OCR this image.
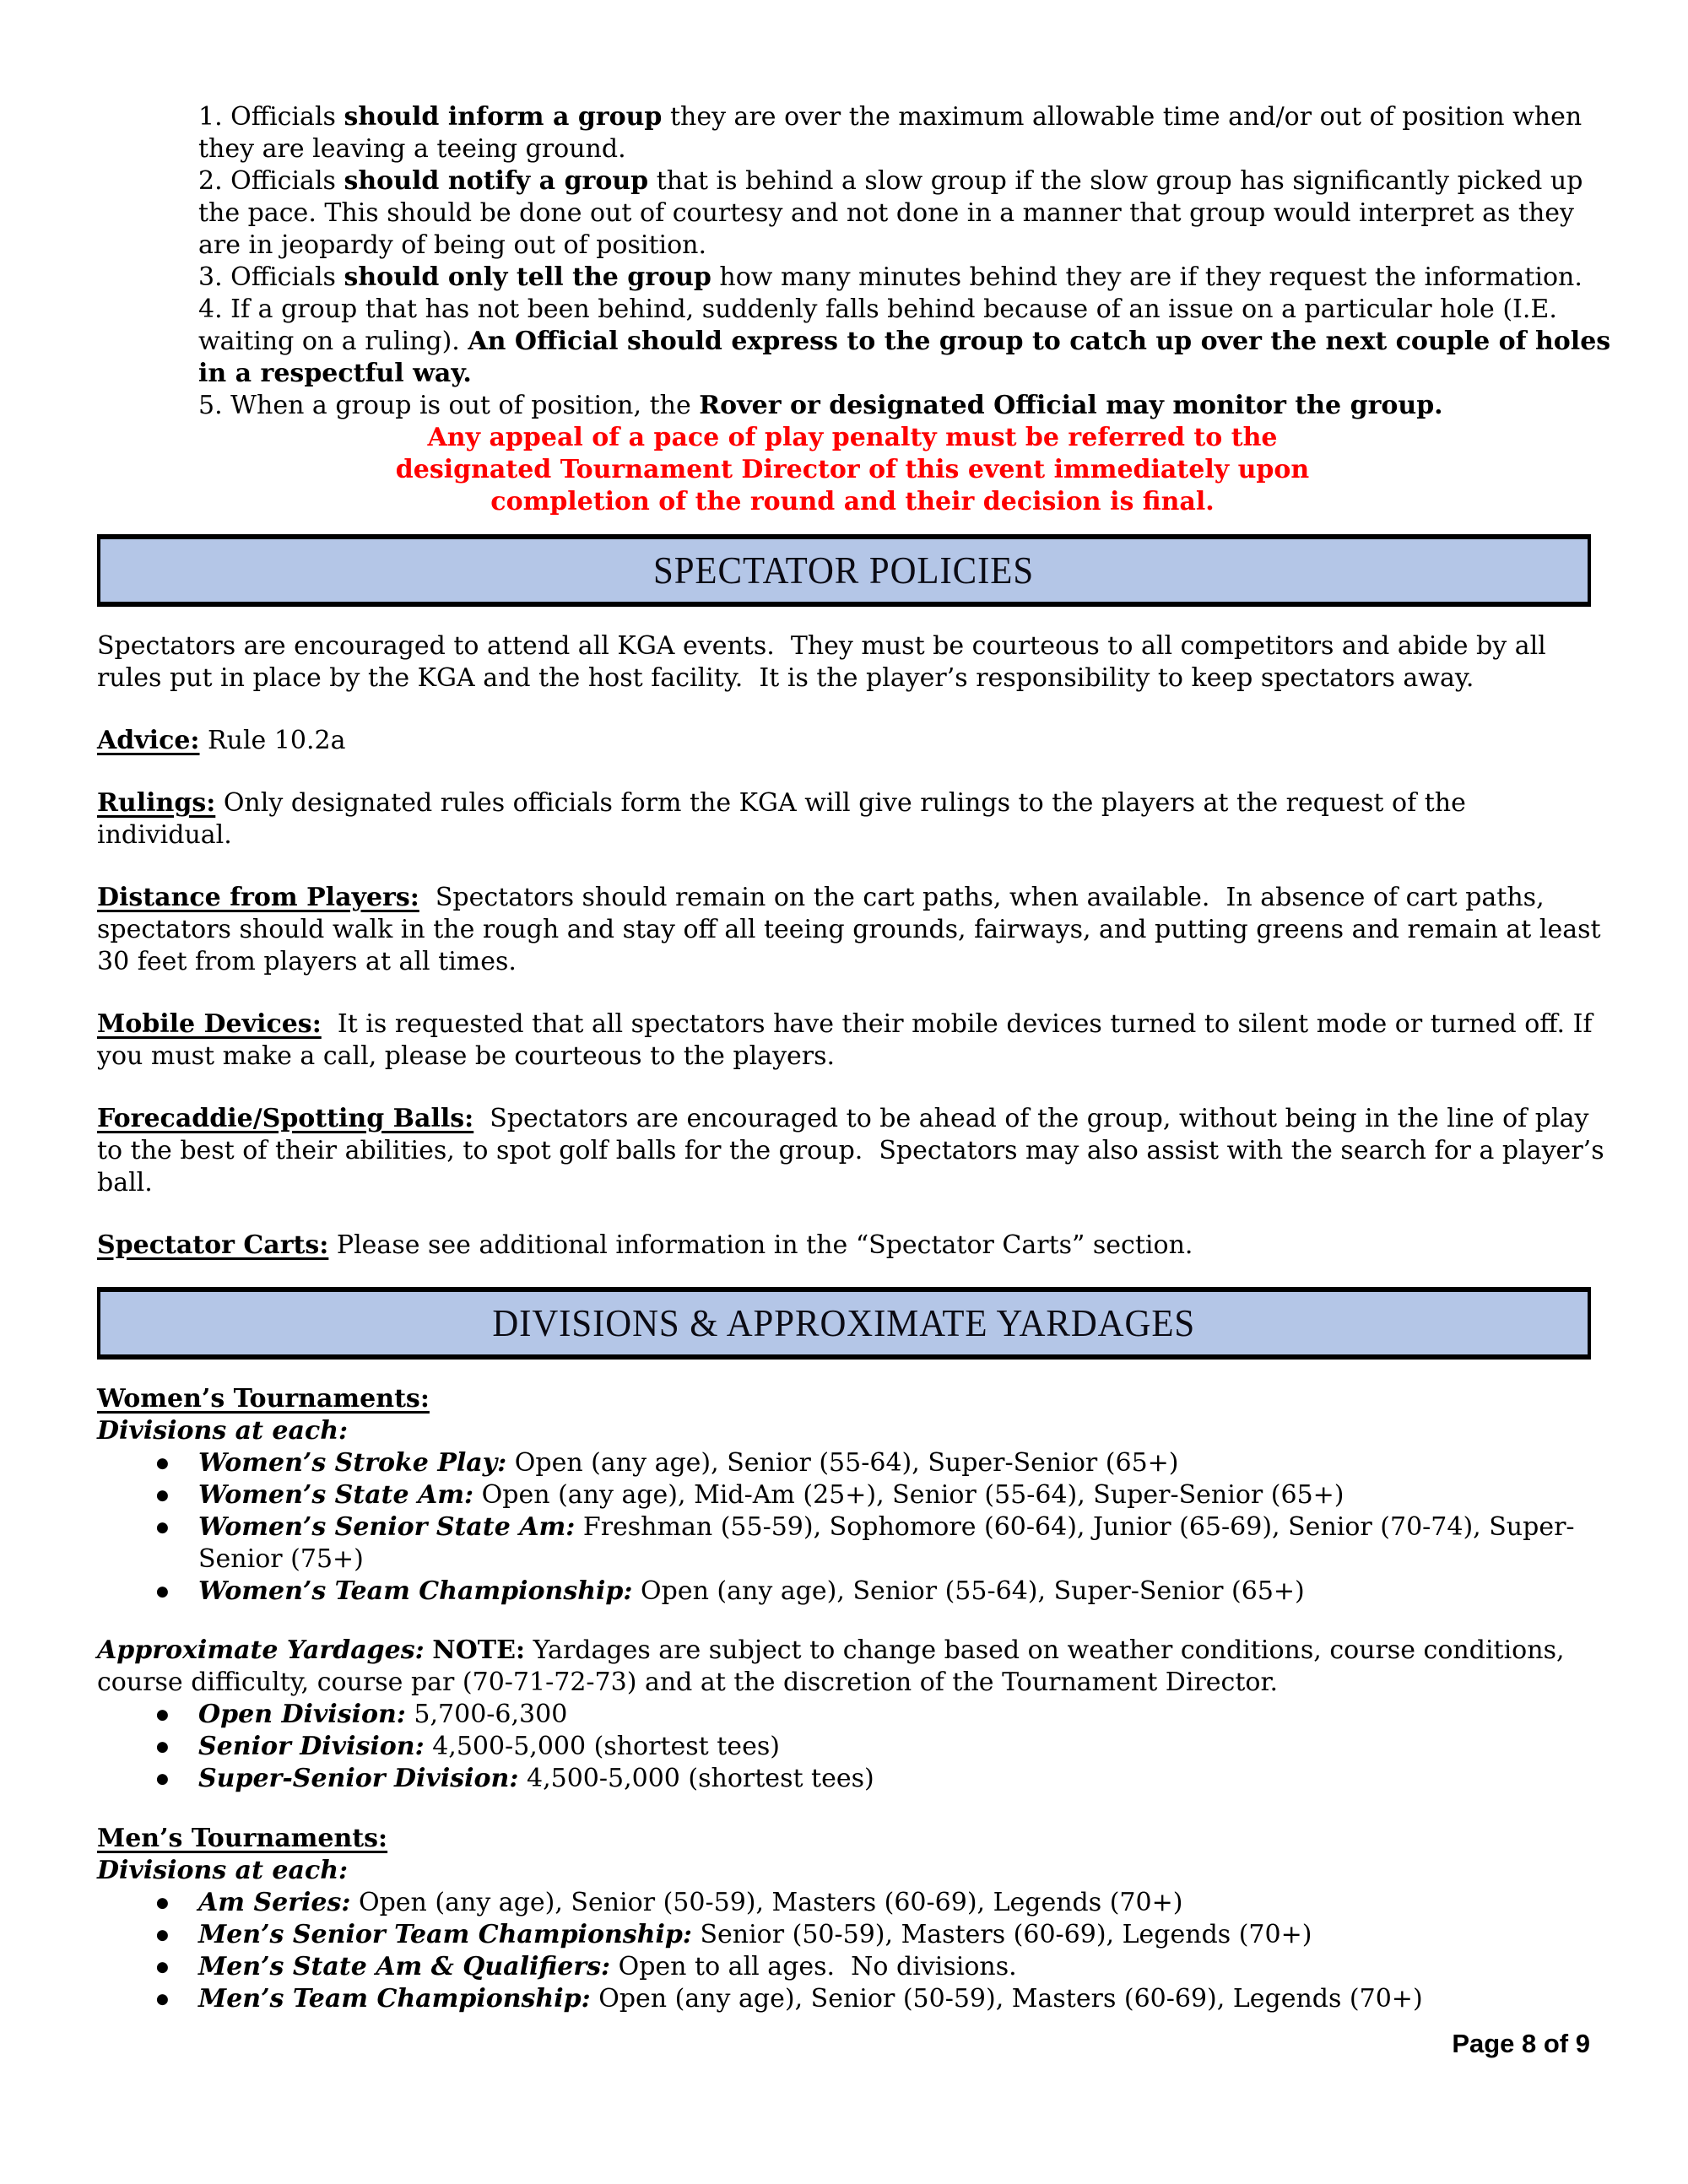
1. Officials should inform a group they are over the maximum allowable time and/or out of position when they are leaving a teeing ground.

2. Officials should notify a group that is behind a slow group if the slow group has significantly picked up the pace. This should be done out of courtesy and not done in a manner that group would interpret as they are in jeopardy of being out of position.

3. Officials should only tell the group how many minutes behind they are if they request the information.

4. If a group that has not been behind, suddenly falls behind because of an issue on a particular hole (I.E. waiting on a ruling). An Official should express to the group to catch up over the next couple of holes in a respectful way.

5. When a group is out of position, the Rover or designated Official may monitor the group.

Any appeal of a pace of play penalty must be referred to the
designated Tournament Director of this event immediately upon
completion of the round and their decision is final.
SPECTATOR POLICIES

Spectators are encouraged to attend all KGA events.  They must be courteous to all competitors and abide by all rules put in place by the KGA and the host facility.  It is the player’s responsibility to keep spectators away.

Advice: Rule 10.2a

Rulings: Only designated rules officials form the KGA will give rulings to the players at the request of the individual.

Distance from Players:  Spectators should remain on the cart paths, when available.  In absence of cart paths, spectators should walk in the rough and stay off all teeing grounds, fairways, and putting greens and remain at least 30 feet from players at all times.

Mobile Devices:  It is requested that all spectators have their mobile devices turned to silent mode or turned off. If you must make a call, please be courteous to the players.

Forecaddie/Spotting Balls:  Spectators are encouraged to be ahead of the group, without being in the line of play to the best of their abilities, to spot golf balls for the group.  Spectators may also assist with the search for a player’s ball.

Spectator Carts: Please see additional information in the “Spectator Carts” section.

DIVISIONS & APPROXIMATE YARDAGES
Women’s Tournaments:
Divisions at each:
●	Women’s Stroke Play: Open (any age), Senior (55-64), Super-Senior (65+)
●	Women’s State Am: Open (any age), Mid-Am (25+), Senior (55-64), Super-Senior (65+)
●	Women’s Senior State Am: Freshman (55-59), Sophomore (60-64), Junior (65-69), Senior (70-74), Super-Senior (75+)
●	Women’s Team Championship: Open (any age), Senior (55-64), Super-Senior (65+)

Approximate Yardages: NOTE: Yardages are subject to change based on weather conditions, course conditions, course difficulty, course par (70-71-72-73) and at the discretion of the Tournament Director.

●	Open Division: 5,700-6,300
●	Senior Division: 4,500-5,000 (shortest tees)
●	Super-Senior Division: 4,500-5,000 (shortest tees)
Men’s Tournaments:
Divisions at each:
●	Am Series: Open (any age), Senior (50-59), Masters (60-69), Legends (70+)
●	Men’s Senior Team Championship: Senior (50-59), Masters (60-69), Legends (70+)
●	Men’s State Am & Qualifiers: Open to all ages.  No divisions.
●	Men’s Team Championship: Open (any age), Senior (50-59), Masters (60-69), Legends (70+)
Page 8 of 9
